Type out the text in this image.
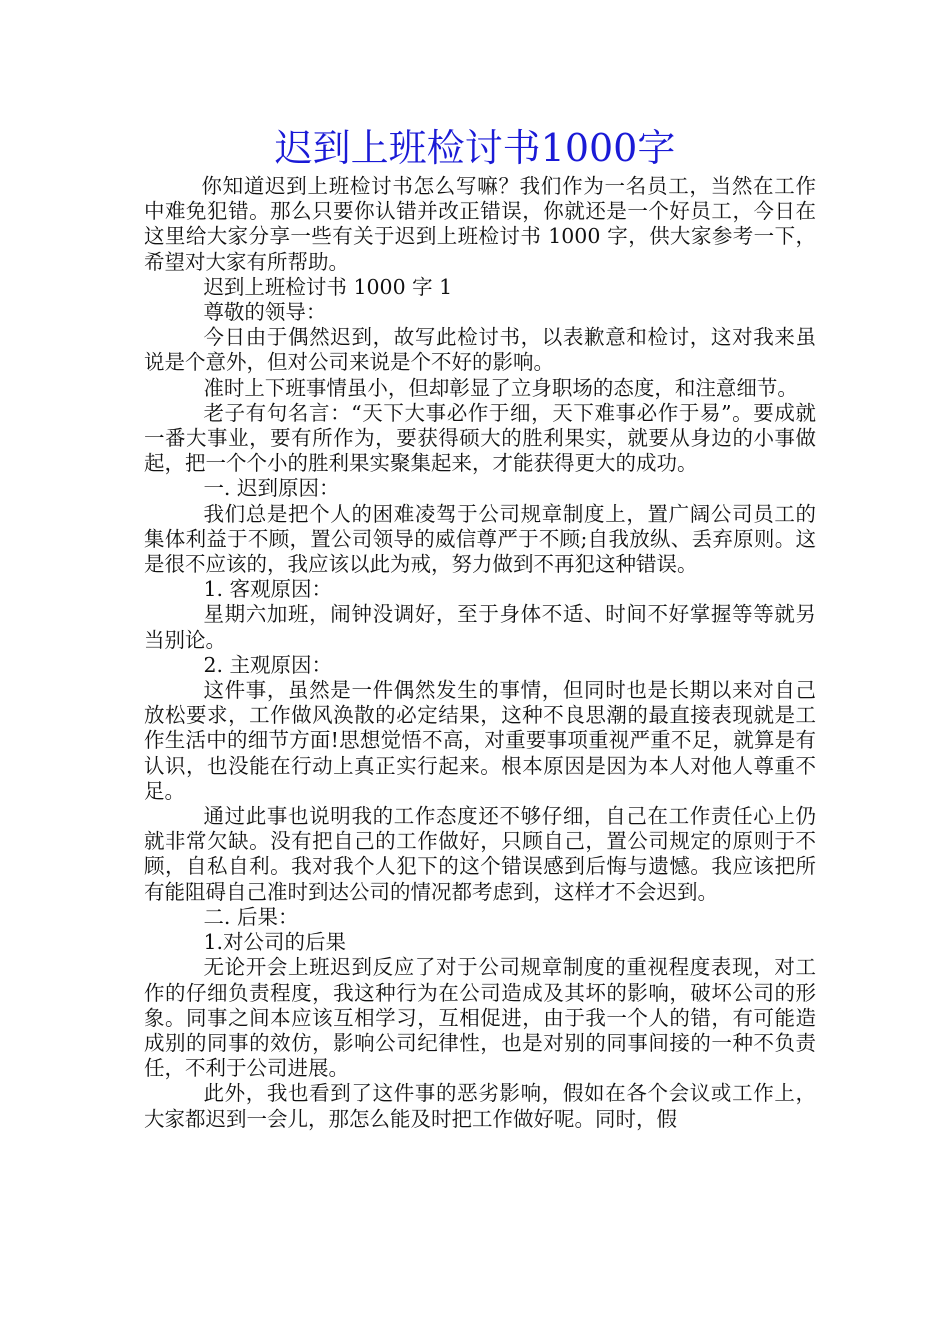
迟到上班检讨书1000字

你知道迟到上班检讨书怎么写嘛？我们作为一名员工，当然在工作中难免犯错。那么只要你认错并改正错误，你就还是一个好员工，今日在这里给大家分享一些有关于迟到上班检讨书 1000 字，供大家参考一下，希望对大家有所帮助。

迟到上班检讨书 1000 字 1

尊敬的领导：

今日由于偶然迟到，故写此检讨书，以表歉意和检讨，这对我来虽说是个意外，但对公司来说是个不好的影响。

准时上下班事情虽小，但却彰显了立身职场的态度，和注意细节。

老子有句名言：“天下大事必作于细，天下难事必作于易”。要成就一番大事业，要有所作为，要获得硕大的胜利果实，就要从身边的小事做起，把一个个小的胜利果实聚集起来，才能获得更大的成功。

一. 迟到原因：

我们总是把个人的困难凌驾于公司规章制度上，置广阔公司员工的集体利益于不顾，置公司领导的威信尊严于不顾;自我放纵、丢弃原则。这是很不应该的，我应该以此为戒，努力做到不再犯这种错误。

1. 客观原因：

星期六加班，闹钟没调好，至于身体不适、时间不好掌握等等就另当别论。

2. 主观原因：

这件事，虽然是一件偶然发生的事情，但同时也是长期以来对自己放松要求，工作做风涣散的必定结果，这种不良思潮的最直接表现就是工作生活中的细节方面!思想觉悟不高，对重要事项重视严重不足，就算是有认识，也没能在行动上真正实行起来。根本原因是因为本人对他人尊重不足。

通过此事也说明我的工作态度还不够仔细，自己在工作责任心上仍就非常欠缺。没有把自己的工作做好，只顾自己，置公司规定的原则于不顾，自私自利。我对我个人犯下的这个错误感到后悔与遗憾。我应该把所有能阻碍自己准时到达公司的情况都考虑到，这样才不会迟到。

二. 后果：

1.对公司的后果

无论开会上班迟到反应了对于公司规章制度的重视程度表现，对工作的仔细负责程度，我这种行为在公司造成及其坏的影响，破坏公司的形象。同事之间本应该互相学习，互相促进，由于我一个人的错，有可能造成别的同事的效仿，影响公司纪律性，也是对别的同事间接的一种不负责任，不利于公司进展。

此外，我也看到了这件事的恶劣影响，假如在各个会议或工作上，大家都迟到一会儿，那怎么能及时把工作做好呢。同时，假
